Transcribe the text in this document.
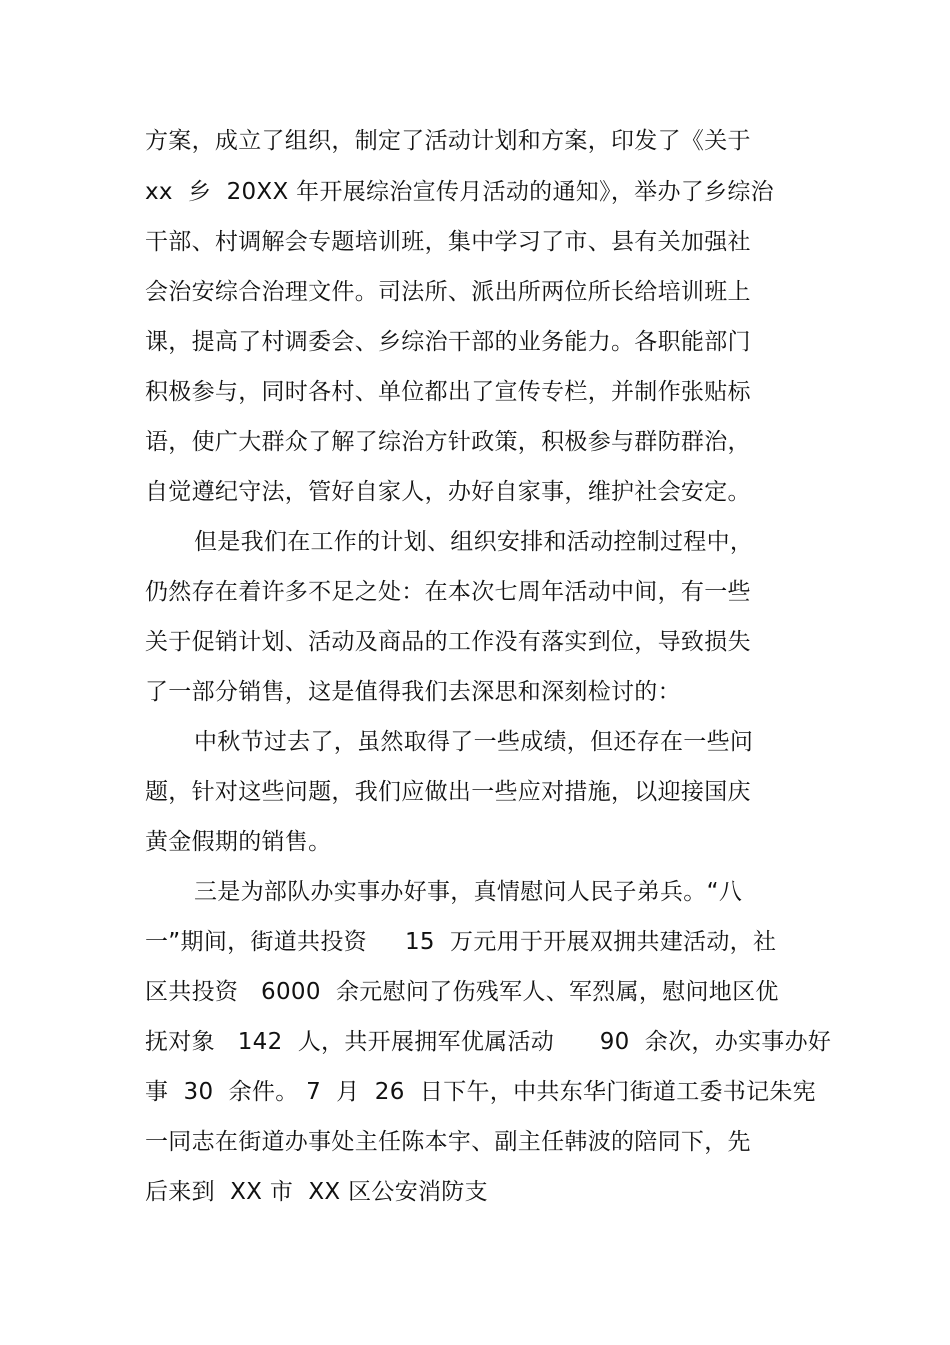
方案，成立了组织，制定了活动计划和方案，印发了《关于
xx  乡  20XX 年开展综治宣传月活动的通知》，举办了乡综治
干部、村调解会专题培训班，集中学习了市、县有关加强社
会治安综合治理文件。司法所、派出所两位所长给培训班上
课，提高了村调委会、乡综治干部的业务能力。各职能部门
积极参与，同时各村、单位都出了宣传专栏，并制作张贴标
语，使广大群众了解了综治方针政策，积极参与群防群治，
自觉遵纪守法，管好自家人，办好自家事，维护社会安定。
但是我们在工作的计划、组织安排和活动控制过程中，
仍然存在着许多不足之处：在本次七周年活动中间，有一些
关于促销计划、活动及商品的工作没有落实到位，导致损失
了一部分销售，这是值得我们去深思和深刻检讨的：
中秋节过去了，虽然取得了一些成绩，但还存在一些问
题，针对这些问题，我们应做出一些应对措施，以迎接国庆
黄金假期的销售。
三是为部队办实事办好事，真情慰问人民子弟兵。“八
一”期间，街道共投资     15  万元用于开展双拥共建活动，社
区共投资   6000  余元慰问了伤残军人、军烈属，慰问地区优
抚对象   142  人，共开展拥军优属活动      90  余次，办实事办好
事  30  余件。 7  月  26  日下午，中共东华门街道工委书记朱宪
一同志在街道办事处主任陈本宇、副主任韩波的陪同下，先
后来到  XX 市  XX 区公安消防支
